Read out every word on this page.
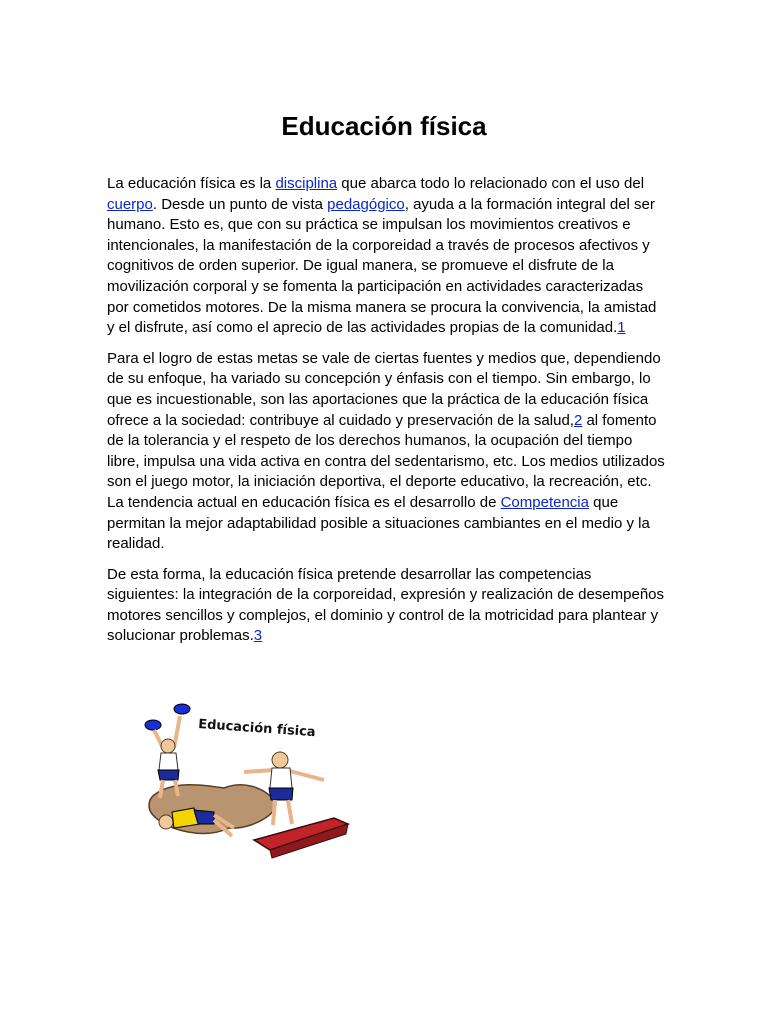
Educación física

La educación física es la disciplina que abarca todo lo relacionado con el uso del cuerpo. Desde un punto de vista pedagógico, ayuda a la formación integral del ser humano. Esto es, que con su práctica se impulsan los movimientos creativos e intencionales, la manifestación de la corporeidad a través de procesos afectivos y cognitivos de orden superior. De igual manera, se promueve el disfrute de la movilización corporal y se fomenta la participación en actividades caracterizadas por cometidos motores. De la misma manera se procura la convivencia, la amistad y el disfrute, así como el aprecio de las actividades propias de la comunidad.1

Para el logro de estas metas se vale de ciertas fuentes y medios que, dependiendo de su enfoque, ha variado su concepción y énfasis con el tiempo. Sin embargo, lo que es incuestionable, son las aportaciones que la práctica de la educación física ofrece a la sociedad: contribuye al cuidado y preservación de la salud,2 al fomento de la tolerancia y el respeto de los derechos humanos, la ocupación del tiempo libre, impulsa una vida activa en contra del sedentarismo, etc. Los medios utilizados son el juego motor, la iniciación deportiva, el deporte educativo, la recreación, etc. La tendencia actual en educación física es el desarrollo de Competencia que permitan la mejor adaptabilidad posible a situaciones cambiantes en el medio y la realidad.

De esta forma, la educación física pretende desarrollar las competencias siguientes: la integración de la corporeidad, expresión y realización de desempeños motores sencillos y complejos, el dominio y control de la motricidad para plantear y solucionar problemas.3

Educación física
